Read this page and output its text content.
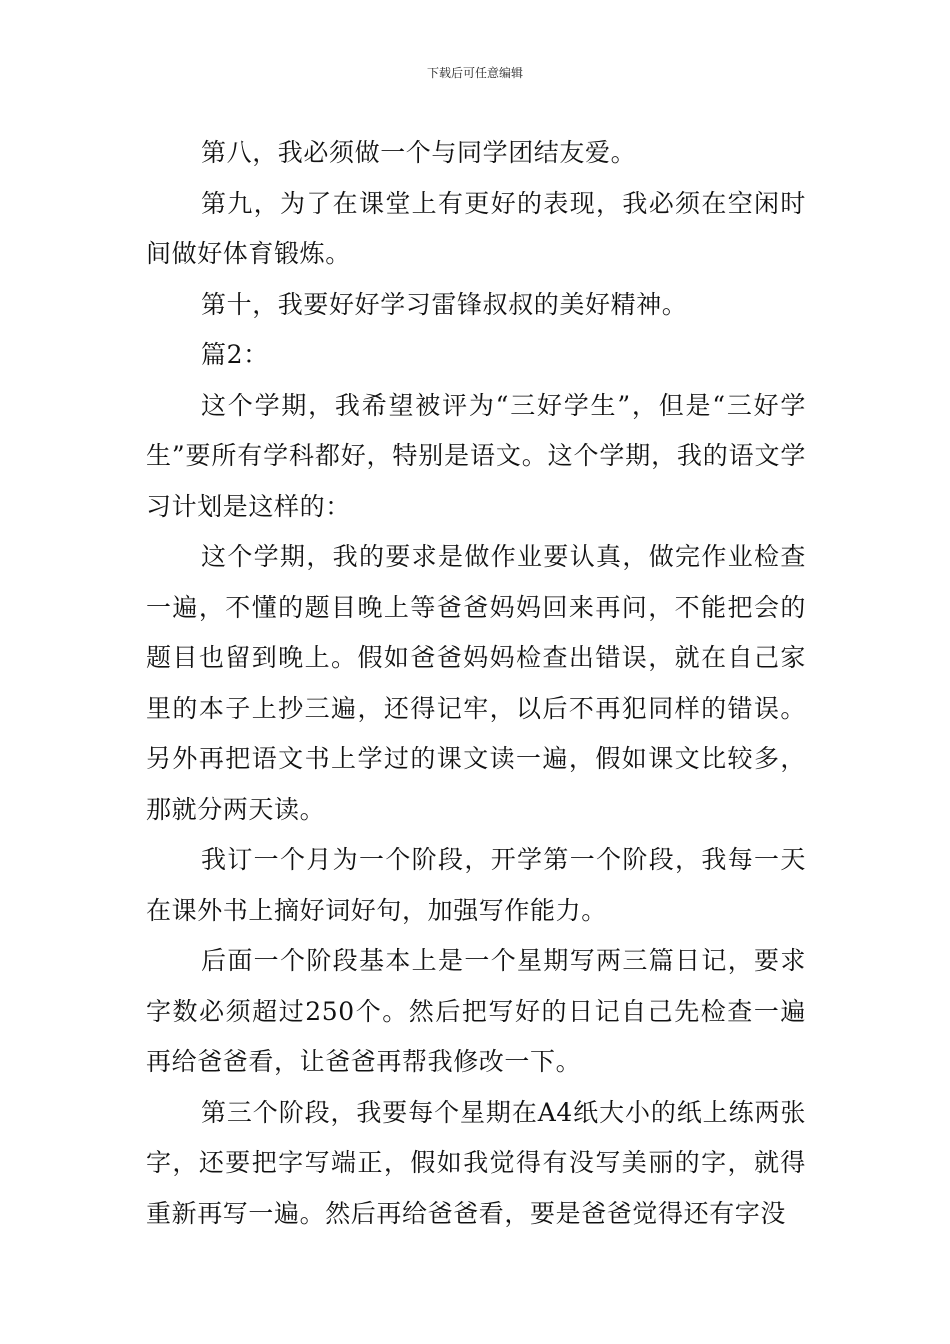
下载后可任意编辑

第八，我必须做一个与同学团结友爱。

第九，为了在课堂上有更好的表现，我必须在空闲时间做好体育锻炼。

第十，我要好好学习雷锋叔叔的美好精神。

篇2：

这个学期，我希望被评为“三好学生”，但是“三好学生”要所有学科都好，特别是语文。这个学期，我的语文学习计划是这样的：

这个学期，我的要求是做作业要认真，做完作业检查一遍，不懂的题目晚上等爸爸妈妈回来再问，不能把会的题目也留到晚上。假如爸爸妈妈检查出错误，就在自己家里的本子上抄三遍，还得记牢，以后不再犯同样的错误。另外再把语文书上学过的课文读一遍，假如课文比较多，那就分两天读。

我订一个月为一个阶段，开学第一个阶段，我每一天在课外书上摘好词好句，加强写作能力。

后面一个阶段基本上是一个星期写两三篇日记，要求字数必须超过250个。然后把写好的日记自己先检查一遍再给爸爸看，让爸爸再帮我修改一下。

第三个阶段，我要每个星期在A4纸大小的纸上练两张字，还要把字写端正，假如我觉得有没写美丽的字，就得重新再写一遍。然后再给爸爸看，要是爸爸觉得还有字没
